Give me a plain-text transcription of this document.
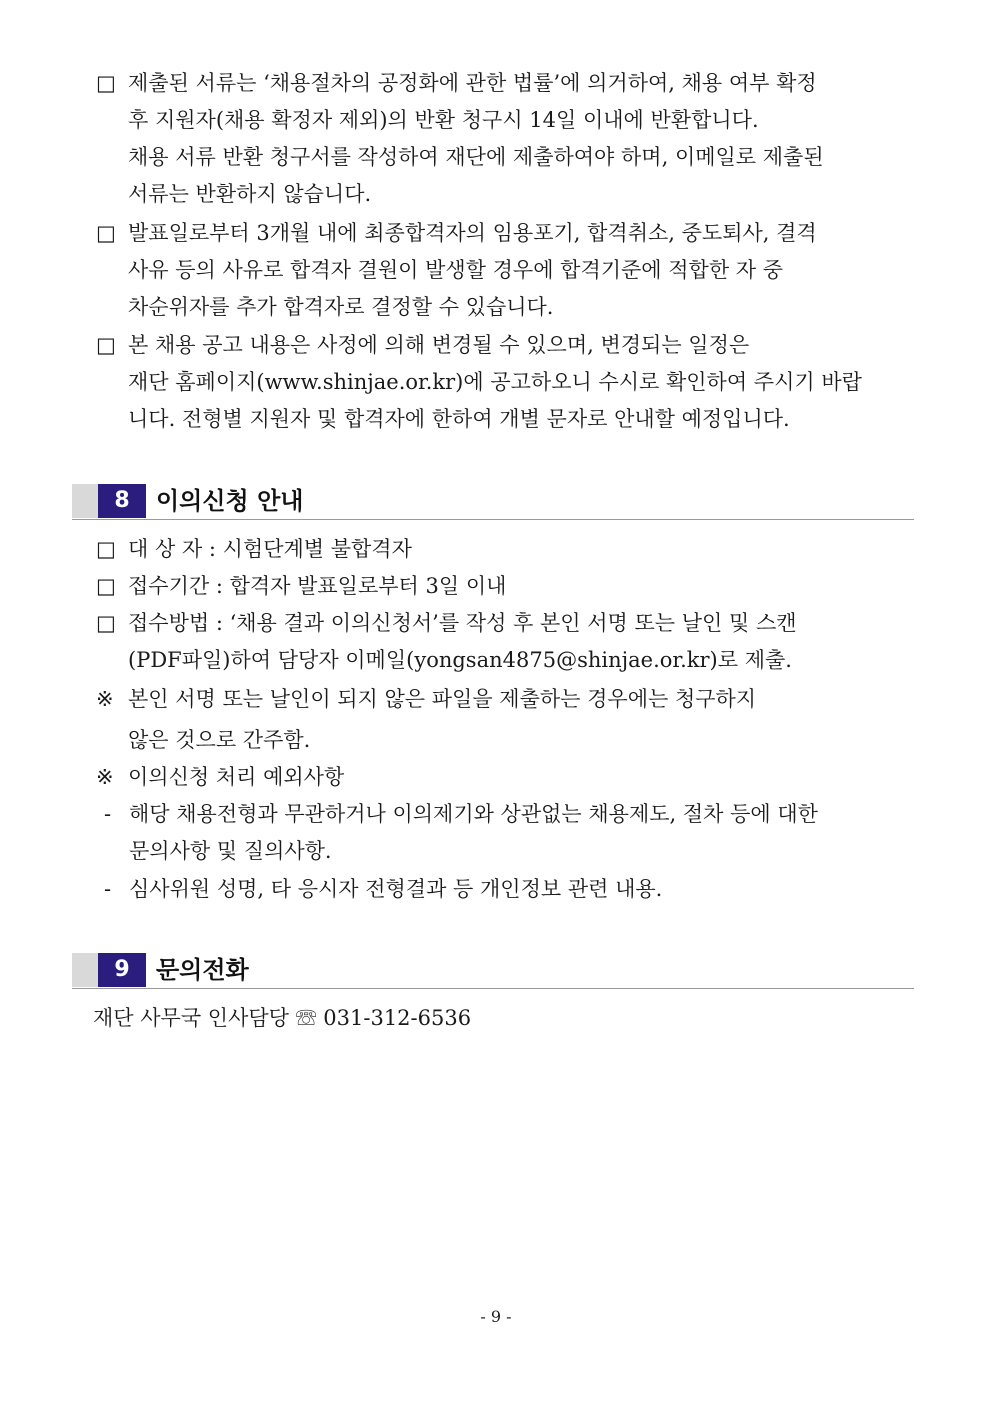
□ 제출된 서류는 ‘채용절차의 공정화에 관한 법률’에 의거하여, 채용 여부 확정
후 지원자(채용 확정자 제외)의 반환 청구시 14일 이내에 반환합니다.
채용 서류 반환 청구서를 작성하여 재단에 제출하여야 하며, 이메일로 제출된
서류는 반환하지 않습니다.
□ 발표일로부터 3개월 내에 최종합격자의 임용포기, 합격취소, 중도퇴사, 결격
사유 등의 사유로 합격자 결원이 발생할 경우에 합격기준에 적합한 자 중
차순위자를 추가 합격자로 결정할 수 있습니다.
□ 본 채용 공고 내용은 사정에 의해 변경될 수 있으며, 변경되는 일정은
재단 홈페이지(www.shinjae.or.kr)에 공고하오니 수시로 확인하여 주시기 바랍
니다. 전형별 지원자 및 합격자에 한하여 개별 문자로 안내할 예정입니다.
8	이의신청 안내
□ 대 상 자 : 시험단계별 불합격자
□ 접수기간 : 합격자 발표일로부터 3일 이내
□ 접수방법 : ‘채용 결과 이의신청서’를 작성 후 본인 서명 또는 날인 및 스캔
(PDF파일)하여 담당자 이메일(yongsan4875@shinjae.or.kr)로 제출.
※ 본인 서명 또는 날인이 되지 않은 파일을 제출하는 경우에는 청구하지
않은 것으로 간주함.
※ 이의신청 처리 예외사항
- 해당 채용전형과 무관하거나 이의제기와 상관없는 채용제도, 절차 등에 대한
문의사항 및 질의사항.
- 심사위원 성명, 타 응시자 전형결과 등 개인정보 관련 내용.
9	문의전화
재단 사무국 인사담당 ☏ 031-312-6536
- 9 -
